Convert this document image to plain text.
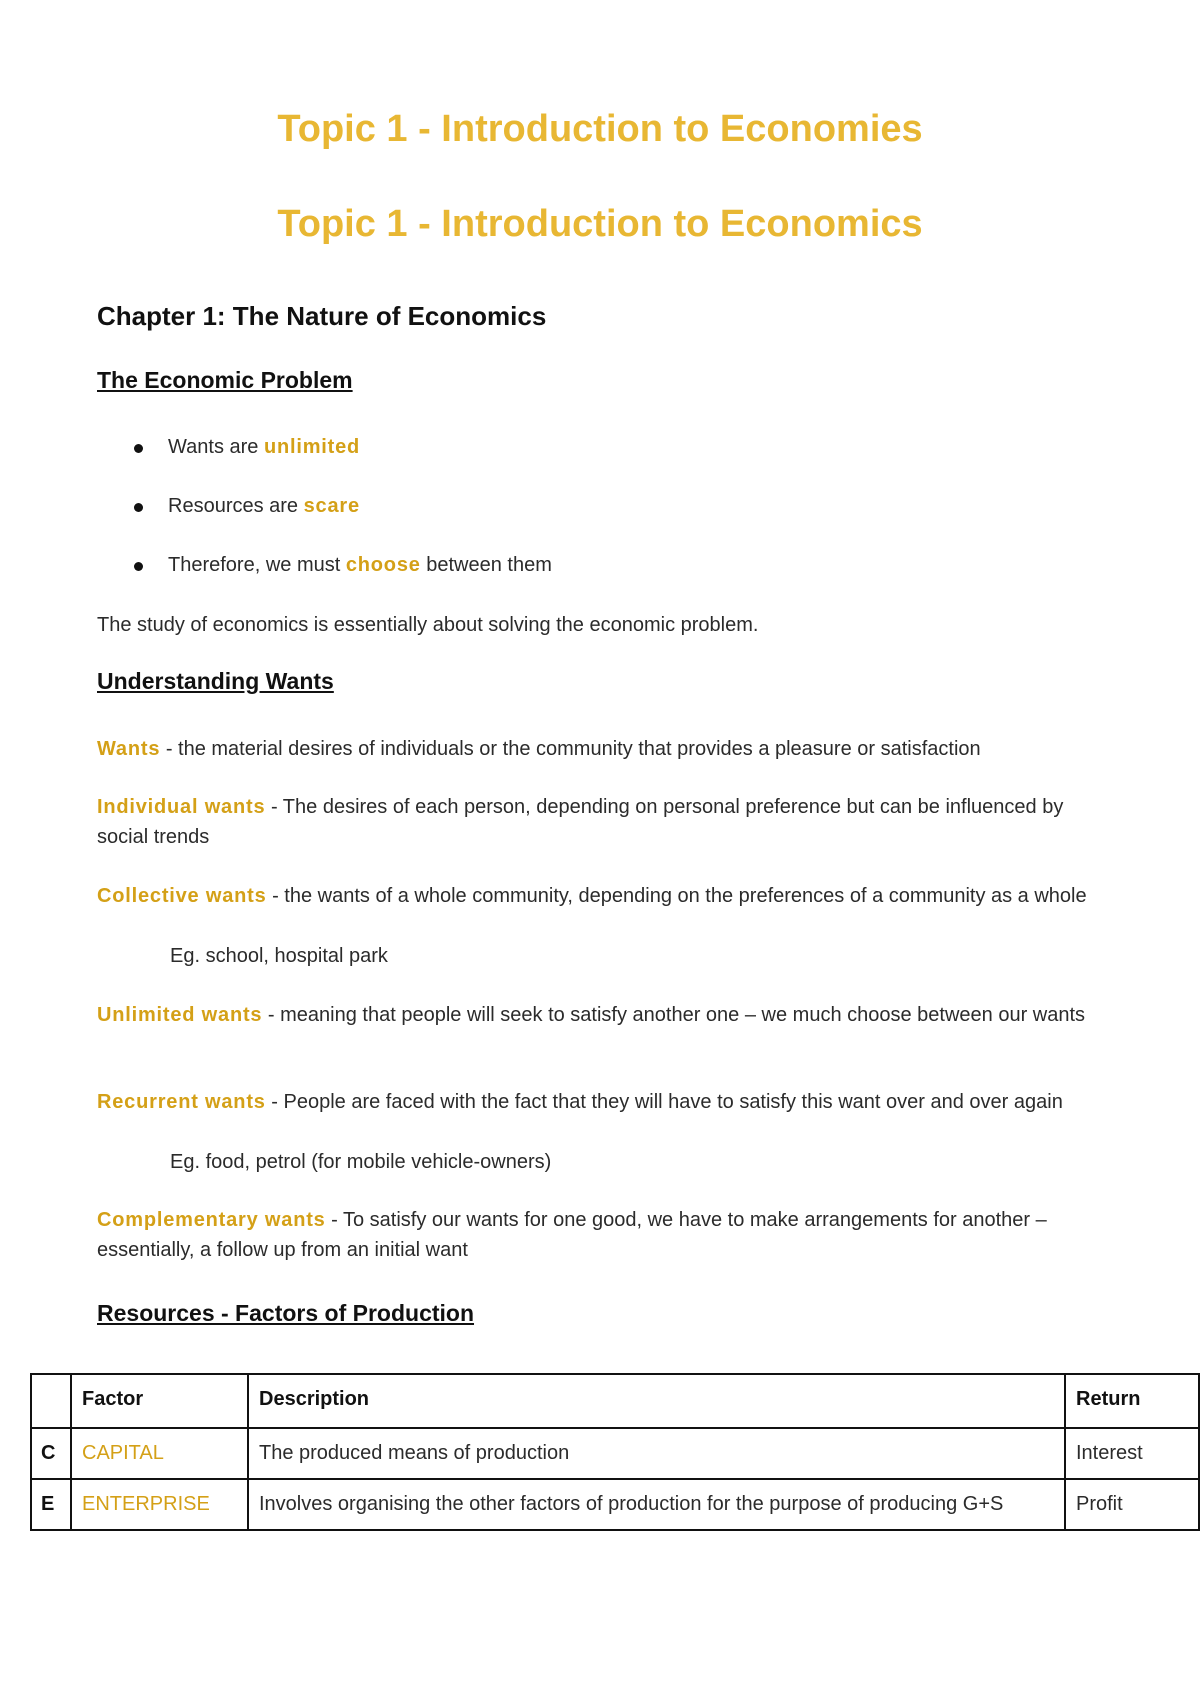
Topic 1 - Introduction to Economies
Topic 1 - Introduction to Economics
Chapter 1: The Nature of Economics
The Economic Problem
Wants are unlimited
Resources are scare
Therefore, we must choose between them

The study of economics is essentially about solving the economic problem.

Understanding Wants

Wants - the material desires of individuals or the community that provides a pleasure or satisfaction

Individual wants - The desires of each person, depending on personal preference but can be influenced by social trends

Collective wants - the wants of a whole community, depending on the preferences of a community as a whole

Eg. school, hospital park

Unlimited wants - meaning that people will seek to satisfy another one – we much choose between our wants

Recurrent wants - People are faced with the fact that they will have to satisfy this want over and over again

Eg. food, petrol (for mobile vehicle-owners)

Complementary wants - To satisfy our wants for one good, we have to make arrangements for another – essentially, a follow up from an initial want

Resources - Factors of Production
	Factor	Description	Return
C	CAPITAL	The produced means of production	Interest
E	ENTERPRISE	Involves organising the other factors of production for the purpose of producing G+S	Profit
